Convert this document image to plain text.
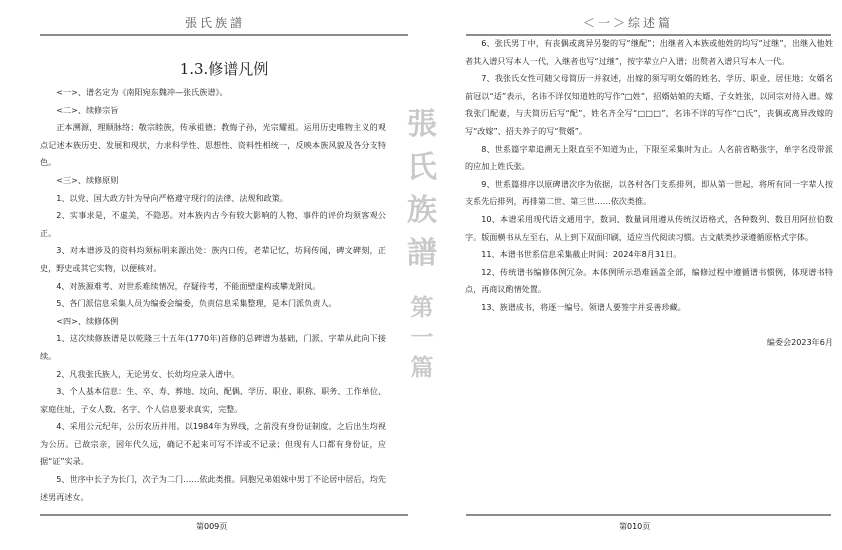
張氏族譜
1.3.修谱凡例

<一>、谱名定为《南阳宛东魏冲—张氏族谱》。

<二>、续修宗旨

正本溯源，理顺脉络；敬宗睦族，传承祖德；教悔子孙，光宗耀祖。运用历史唯物主义的观点记述本族历史、发展和现状，力求科学性、思想性、资料性相统一，反映本族风貌及各分支特色。

<三>、续修原则

1、以党、国大政方针为导向严格遵守现行的法律、法规和政策。

2、实事求是，不虚美，不隐恶。对本族内古今有较大影响的人物、事件的评价均须客观公正。

3、对本谱涉及的资料均须标明来源出处：族内口传，老辈记忆，坊间传闻，碑文碑刻，正史，野史或其它实物，以便核对。

4、对族源难考、对世系难续情况，存疑待考，不能面壁虚构或攀龙附凤。

5、各门派信息采集人员为编委会编委，负责信息采集整理，是本门派负责人。

<四>、续修体例

1、这次续修族谱是以乾隆三十五年(1770年)首修的总碑谱为基础，门派、字辈从此向下接续。

2、凡我张氏族人，无论男女、长幼均应录入谱中。

3、个人基本信息：生、卒、寿、葬地、坟向、配偶、学历、职业、职称、职务、工作单位、家庭住址，子女人数、名字、个人信息要求真实，完整。

4、采用公元纪年，公历农历并用。以1984年为界线，之前没有身份证制度，之后出生均视为公历。已故宗亲，因年代久远，确记不起来可写不详或不记录；但现有人口都有身份证，应据“证”实录。

5、世序中长子为长门，次子为二门……依此类推。同胞兄弟姐妹中男丁不论居中居后，均先述男再述女。

第009页
＜一＞综述篇

6、张氏男丁中，有丧偶或离异另娶的写“继配”；出继者入本族或他姓的均写“过继”，出继入他姓者其入谱只写本人一代，入继者也写“过继”，按字辈立户入谱；出赘者入谱只写本人一代。

7、我张氏女性可随父母简历一并叙述，出嫁的须写明女婿的姓名、学历、职业、居住地；女婿名前冠以“适”表示，名讳不详仅知道姓的写作“□姓”，招婿姑娘的夫婿、子女姓张，以同宗对待入谱。嫁我张门配妻，与夫简历后写“配”，姓名齐全写“□□□”，名讳不详的写作“□氏”，丧偶或离异改嫁的写“改嫁”、招夫养子的写“赘婿”。

8、世系篇字辈追溯无上限直至不知道为止，下限至采集时为止。人名前省略张字，单字名没带派的应加上姓氏张。

9、世系篇排序以原碑谱次序为依据，以各村各门支系排列，即从第一世起，将所有同一字辈人按支系先后排列，再排第二世、第三世……依次类推。

10、本谱采用现代语文通用字，数词、数量词用遵从传统汉语格式，各种数列、数目用阿拉伯数字。版面横书从左至右，从上到下双面印刷，适应当代阅读习惯。古文献类抄录遵循原格式字体。

11、本谱书世系信息采集截止时间：2024年8月31日。

12、传统谱书编修体例冗杂。本体例所示恐难涵盖全部，编修过程中遵循谱书惯例，体现谱书特点，再商议酌情处置。

13、族谱成书，将逐一编号。领谱人要签字并妥善珍藏。

编委会2023年6月

第010页
張
氏
族
譜
第
一
篇
